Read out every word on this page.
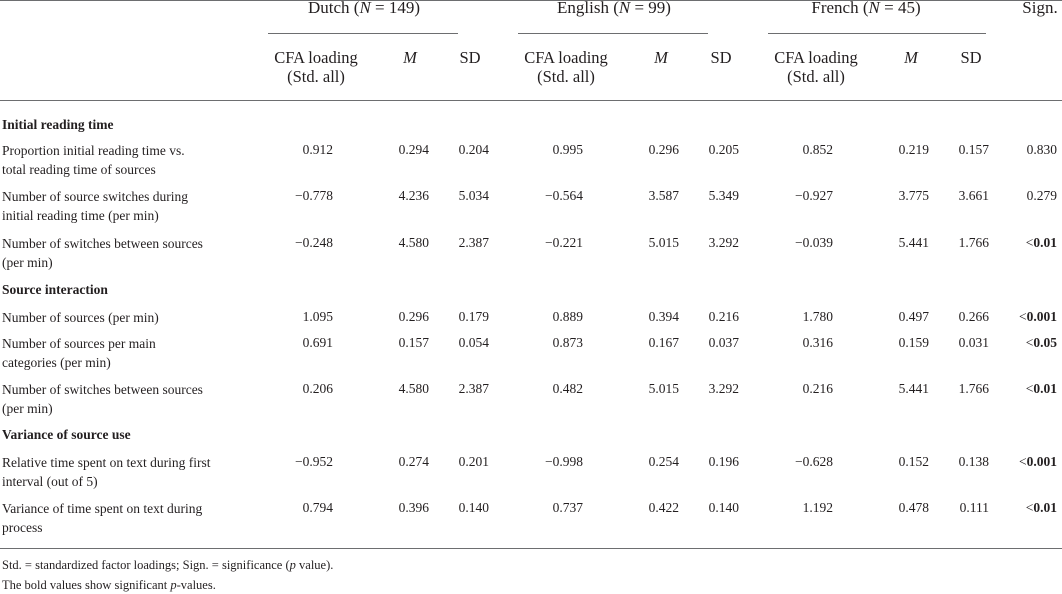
Dutch (N = 149)
CFA loading
(Std. all)
M	SD
English (N = 99)
CFA loading
(Std. all)
M	SD
French (N = 45)
CFA loading
(Std. all)
M	SD
Sign.
Initial reading time
Proportion initial reading time vs.
total reading time of sources
0.912	0.294	0.204	0.995	0.296	0.205	0.852	0.219	0.157	0.830
Number of source switches during
initial reading time (per min)
−0.778	4.236	5.034	−0.564	3.587	5.349	−0.927	3.775	3.661	0.279
Number of switches between sources
(per min)
−0.248	4.580	2.387	−0.221	5.015	3.292	−0.039	5.441	1.766	<0.01
Source interaction
Number of sources (per min)	1.095	0.296	0.179	0.889	0.394	0.216	1.780	0.497	0.266	<0.001
Number of sources per main
categories (per min)
0.691	0.157	0.054	0.873	0.167	0.037	0.316	0.159	0.031	<0.05
Number of switches between sources
(per min)
0.206	4.580	2.387	0.482	5.015	3.292	0.216	5.441	1.766	<0.01
Variance of source use
Relative time spent on text during first
interval (out of 5)
−0.952	0.274	0.201	−0.998	0.254	0.196	−0.628	0.152	0.138	<0.001
Variance of time spent on text during
process
0.794	0.396	0.140	0.737	0.422	0.140	1.192	0.478	0.111	<0.01
Std. = standardized factor loadings; Sign. = significance (p value).
The bold values show significant p-values.
